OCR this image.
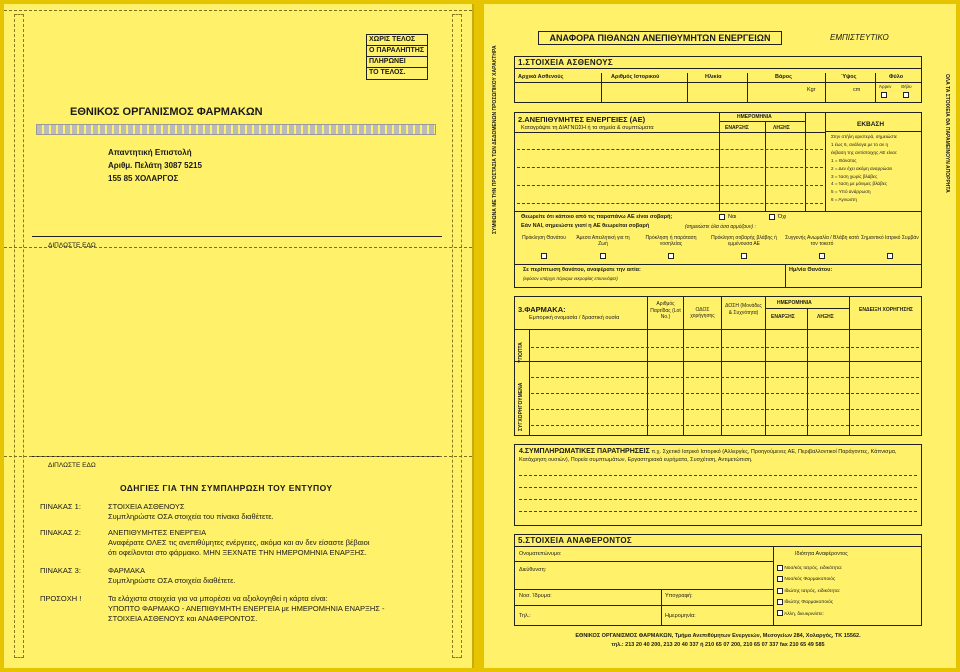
ΧΩΡΙΣ ΤΕΛΟΣ
Ο ΠΑΡΑΛΗΠΤΗΣ
ΠΛΗΡΩΝΕΙ
ΤΟ ΤΕΛΟΣ.
ΕΘΝΙΚΟΣ ΟΡΓΑΝΙΣΜΟΣ ΦΑΡΜΑΚΩΝ
Απαντητική Επιστολή
Αριθμ. Πελάτη 3087 5215
155 85 ΧΟΛΑΡΓΟΣ
ΔΙΠΛΩΣΤΕ ΕΔΩ
ΔΙΠΛΩΣΤΕ ΕΔΩ
ΟΔΗΓΙΕΣ ΓΙΑ ΤΗΝ ΣΥΜΠΛΗΡΩΣΗ ΤΟΥ ΕΝΤΥΠΟΥ
ΠΙΝΑΚΑΣ 1:	ΣΤΟΙΧΕΙΑ ΑΣΘΕΝΟΥΣ
Συμπληρώστε ΟΣΑ στοιχεία του πίνακα διαθέτετε.
ΠΙΝΑΚΑΣ 2:	ΑΝΕΠΙΘΥΜΗΤΕΣ ΕΝΕΡΓΕΙΑ
Αναφέρατε ΟΛΕΣ τις ανεπιθύμητες ενέργειες, ακόμα και αν δεν είσαστε βέβαιοι
ότι οφείλονται στο φάρμακο. ΜΗΝ ΞΕΧΝΑΤΕ ΤΗΝ ΗΜΕΡΟΜΗΝΙΑ ΕΝΑΡΞΗΣ.
ΠΙΝΑΚΑΣ 3:	ΦΑΡΜΑΚΑ
Συμπληρώστε ΟΣΑ στοιχεία διαθέτετε.
ΠΡΟΣΟΧΗ !	Τα ελάχιστα στοιχεία για να μπορέσει να αξιολογηθεί η κάρτα είναι:
ΥΠΟΠΤΟ ΦΑΡΜΑΚΟ - ΑΝΕΠΙΘΥΜΗΤΗ ΕΝΕΡΓΕΙΑ με ΗΜΕΡΟΜΗΝΙΑ ΕΝΑΡΞΗΣ -
ΣΤΟΙΧΕΙΑ ΑΣΘΕΝΟΥΣ και ΑΝΑΦΕΡΟΝΤΟΣ.
ΣΥΜΦΩΝΑ ΜΕ ΤΗΝ ΠΡΟΣΤΑΣΙΑ ΤΩΝ ΔΕΔΟΜΕΝΩΝ ΠΡΟΣΩΠΙΚΟΥ ΧΑΡΑΚΤΗΡΑ	ΟΛΑ ΤΑ ΣΤΟΙΧΕΙΑ ΘΑ ΠΑΡΑΜΕΙΝΟΥΝ ΑΠΟΡΡΗΤΑ
ΑΝΑΦΟΡΑ ΠΙΘΑΝΩΝ ΑΝΕΠΙΘΥΜΗΤΩΝ ΕΝΕΡΓΕΙΩΝ	ΕΜΠΙΣΤΕΥΤΙΚΟ
1.ΣΤΟΙΧΕΙΑ ΑΣΘΕΝΟΥΣ
Αρχικά Ασθενούς	Αριθμός Ιστορικού	Ηλικία	Βάρος	Ύψος	Φύλο
Kgr	cm
Άρρεν Θήλυ
2.ΑΝΕΠΙΘΥΜΗΤΕΣ ΕΝΕΡΓΕΙΕΣ (ΑΕ)
Καταγράψτε τη ΔΙΑΓΝΩΣΗ ή τα σημεία & συμπτώματα
ΗΜΕΡΟΜΗΝΙΑ
ΕΝΑΡΞΗΣ	ΛΗΞΗΣ	ΕΚΒΑΣΗ
Στην στήλη αριστερά, σημειώστε
1 έως 6, ανάλογα με το αν η
έκβαση της αντίστοιχης ΑΕ είναι:
1 = Θάνατος
2 = Δεν έχει ακόμη αναρρώσει
3 = Ίαση χωρίς βλάβες
4 = Ίαση με μόνιμες βλάβες
5 = Υπό ανάρρωση
6 = Άγνωστη
Θεωρείτε ότι κάποιο από τις παραπάνω ΑΕ είναι σοβαρή;	Ναι	Όχι
Εάν ΝΑΙ, σημειώστε γιατί η ΑΕ θεωρείται σοβαρή	(σημειώστε όλα όσα αρμόζουν) :
Πρόκληση Θανάτου	Άμεσα Απειλητική για τη Ζωή
Πρόκληση ή παράταση νοσηλείας
Πρόκληση σοβαρής βλάβης ή εμμένουσα ΑΕ
Συγγενής Ανωμαλία / Βλάβη κατά τον τοκετό
Σημαντικό Ιατρικό Συμβάν
Σε περίπτωση θανάτου, αναφέρατε την αιτία:
(εφόσον υπάρχει πόρισμα νεκροψίας επισυνάψτε)
Ημ/νία Θανάτου:
3.ΦΑΡΜΑΚΑ:
Εμπορική ονομασία / δραστική ουσία
Αριθμός Παρτίδας (Lot No.)
ΟΔΟΣ χορήγησης
ΔΟΣΗ (Μονάδες & Συχνότητα)
ΗΜΕΡΟΜΗΝΙΑ
ΕΝΑΡΞΗΣ	ΛΗΞΗΣ
ΕΝΔΕΙΞΗ ΧΟΡΗΓΗΣΗΣ
ΥΠΟΠΤΑ
ΣΥΓΧΟΡΗΓΟΥΜΕΝΑ
4.ΣΥΜΠΛΗΡΩΜΑΤΙΚΕΣ ΠΑΡΑΤΗΡΗΣΕΙΣ π.χ. Σχετικό Ιατρικό Ιστορικό (Αλλεργίες, Προηγούμενες ΑΕ, Περιβαλλοντικοί Παράγοντες, Κάπνισμα, Κατάχρηση ουσιών), Πορεία συμπτωμάτων, Εργαστηριακά ευρήματα, Συσχέτιση, Αντιμετώπιση.
5.ΣΤΟΙΧΕΙΑ ΑΝΑΦΕΡΟΝΤΟΣ
Ονοματεπώνυμο:
Διεύθυνση:
Νοσ. Ίδρυμα:	Υπογραφή:
Τηλ.:	Ημερομηνία:
Ιδιότητα Αναφέροντος
Νοσ/κός Ιατρός, ειδικότητα:
Νοσ/κός Φαρμακοποιός
Ιδιώτης Ιατρός, ειδικότητα:
Ιδιώτης Φαρμακοποιός
Άλλη, διευκρινίστε:
ΕΘΝΙΚΟΣ ΟΡΓΑΝΙΣΜΟΣ ΦΑΡΜΑΚΩΝ, Τμήμα Ανεπιθύμητων Ενεργειών, Μεσογείων 284, Χολαργός, ΤΚ 15562.
τηλ.: 213 20 40 200, 213 20 40 337 ή 210 65 07 200, 210 65 07 337 fax 210 65 49 585
